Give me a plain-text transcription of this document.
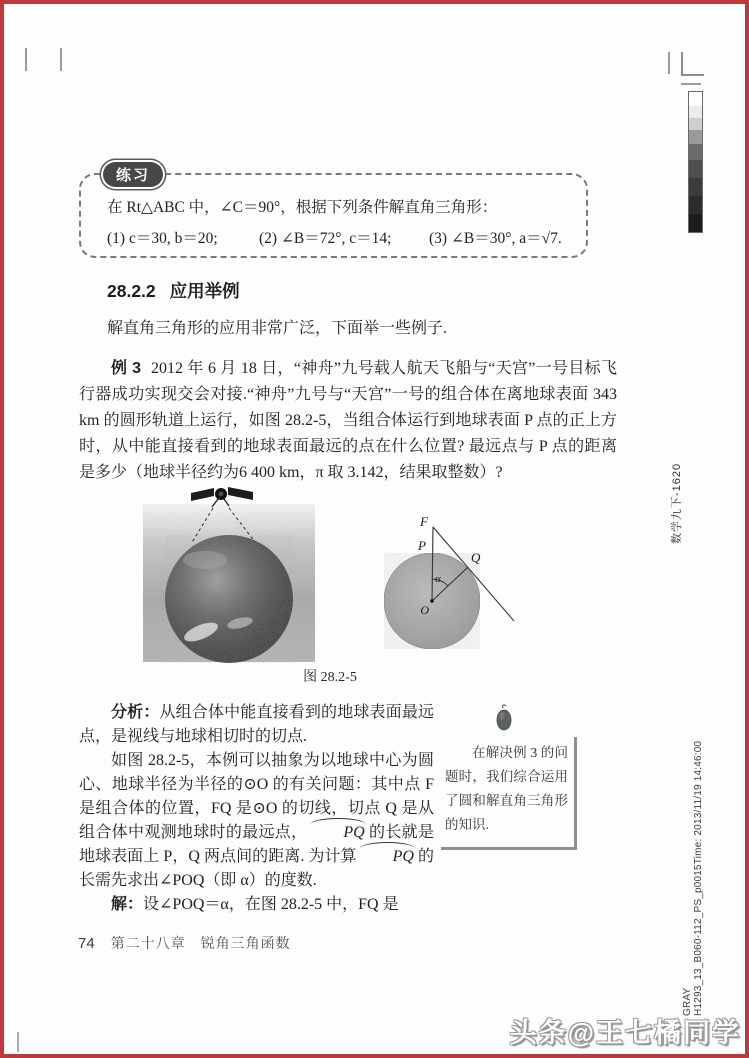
数学九下-1620
H1293_13_B060-112_PS_p0015Time: 2013/11/19 14:46:00
GRAY
练习
在 Rt△ABC 中，∠C＝90°，根据下列条件解直角三角形：
(1) c＝30, b＝20;	(2) ∠B＝72°, c＝14;	(3) ∠B＝30°, a＝√7.
28.2.2 应用举例
解直角三角形的应用非常广泛，下面举一些例子.

例 3 2012 年 6 月 18 日，“神舟”九号载人航天飞船与“天宫”一号目标飞行器成功实现交会对接.“神舟”九号与“天宫”一号的组合体在离地球表面 343 km 的圆形轨道上运行，如图 28.2-5，当组合体运行到地球表面 P 点的正上方时，从中能直接看到的地球表面最远的点在什么位置? 最远点与 P 点的距离是多少（地球半径约为6 400 km，π 取 3.142，结果取整数）?

F
P
Q
O
α
图 28.2-5

分析：从组合体中能直接看到的地球表面最远点，是视线与地球相切时的切点.

如图 28.2-5，本例可以抽象为以地球中心为圆心、地球半径为半径的⊙O 的有关问题：其中点 F 是组合体的位置，FQ 是⊙O 的切线，切点 Q 是从组合体中观测地球时的最远点， PQ 的长就是地球表面上 P，Q 两点间的距离. 为计算 PQ 的长需先求出∠POQ（即 α）的度数.

解：设∠POQ＝α，在图 28.2-5 中，FQ 是

在解决例 3 的问题时，我们综合运用了圆和解直角三角形的知识.
74 第二十八章　锐角三角函数
头条@王七橘同学
